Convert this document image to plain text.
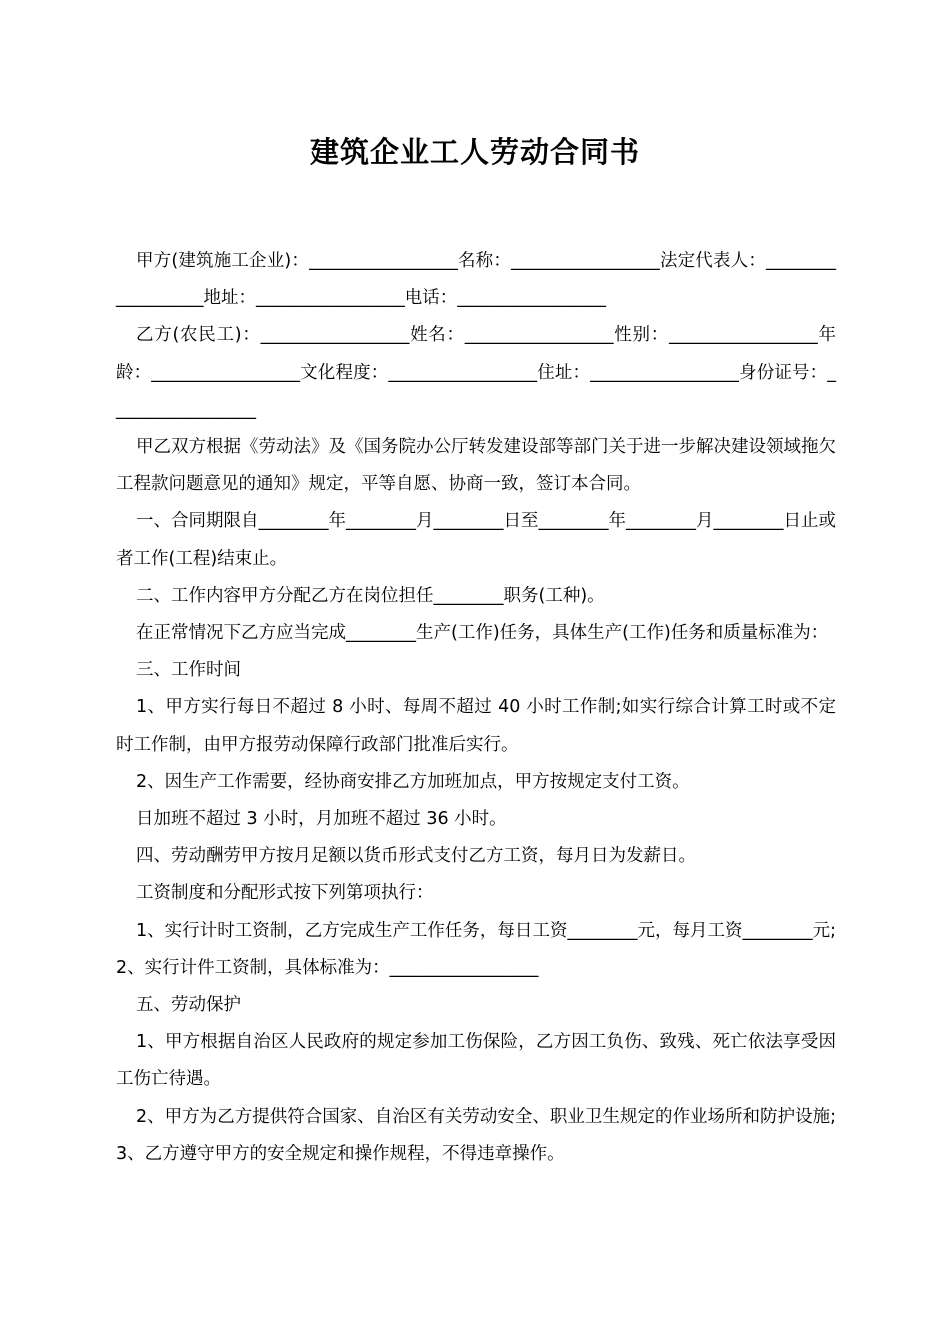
建筑企业工人劳动合同书

甲方(建筑施工企业)：_________________名称：_________________法定代表人：__________________地址：_________________电话：_________________

乙方(农民工)：_________________姓名：_________________性别：_________________年龄：_________________文化程度：_________________住址：_________________身份证号：_________________

甲乙双方根据《劳动法》及《国务院办公厅转发建设部等部门关于进一步解决建设领域拖欠工程款问题意见的通知》规定，平等自愿、协商一致，签订本合同。

一、合同期限自________年________月________日至________年________月________日止或者工作(工程)结束止。

二、工作内容甲方分配乙方在岗位担任________职务(工种)。

在正常情况下乙方应当完成________生产(工作)任务，具体生产(工作)任务和质量标准为：

三、工作时间

1、甲方实行每日不超过 8 小时、每周不超过 40 小时工作制;如实行综合计算工时或不定时工作制，由甲方报劳动保障行政部门批准后实行。

2、因生产工作需要，经协商安排乙方加班加点，甲方按规定支付工资。

日加班不超过 3 小时，月加班不超过 36 小时。

四、劳动酬劳甲方按月足额以货币形式支付乙方工资，每月日为发薪日。

工资制度和分配形式按下列第项执行：

1、实行计时工资制，乙方完成生产工作任务，每日工资________元，每月工资________元;2、实行计件工资制，具体标准为：_________________

五、劳动保护

1、甲方根据自治区人民政府的规定参加工伤保险，乙方因工负伤、致残、死亡依法享受因工伤亡待遇。

2、甲方为乙方提供符合国家、自治区有关劳动安全、职业卫生规定的作业场所和防护设施;3、乙方遵守甲方的安全规定和操作规程，不得违章操作。
